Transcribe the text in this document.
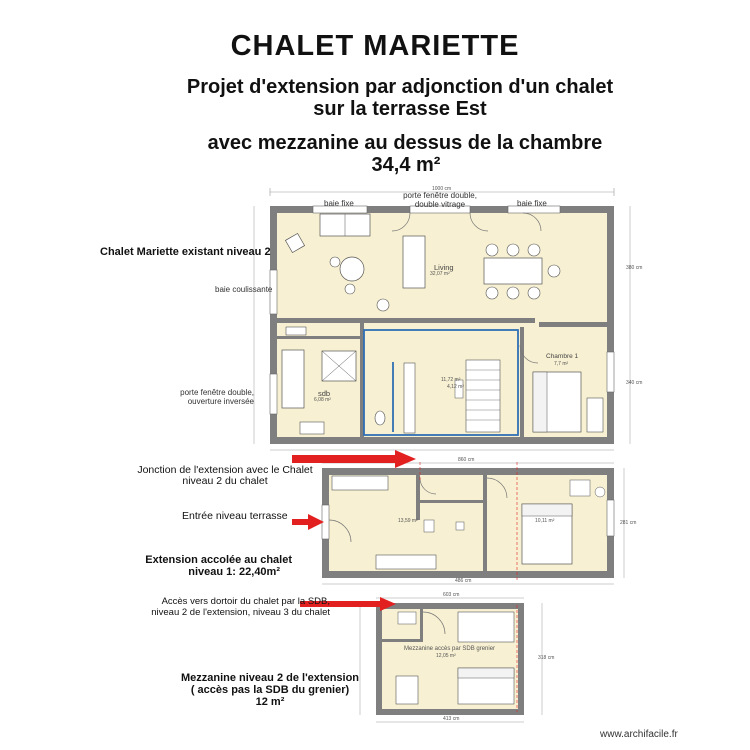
CHALET MARIETTE
Projet d'extension par adjonction d'un chalet
sur la terrasse Est
avec mezzanine au dessus de la chambre
34,4 m²
Chalet Mariette existant niveau 2
baie coulissante
porte fenêtre double,
ouverture inversée
baie fixe	baie fixe
porte fenêtre double,
double vitrage
Living
32,07 m²
sdb
6,08 m²
11,72 m²
4,12 m²
Chambre 1
7,7 m²
Jonction de l'extension avec le Chalet
niveau 2 du chalet
Entrée niveau terrasse
Extension accolée au chalet
niveau 1: 22,40m²
13,59 m²	10,11 m²
Accès vers dortoir du chalet par la SDB,
niveau 2 de l'extension, niveau 3 du chalet
Mezzanine niveau 2 de l'extension
( accès pas la SDB du grenier)
12 m²
Mezzanine accès par SDB grenier
12,05 m²
1000 cm
860 cm
486 cm
603 cm
413 cm
380 cm
340 cm
281 cm
318 cm
www.archifacile.fr
